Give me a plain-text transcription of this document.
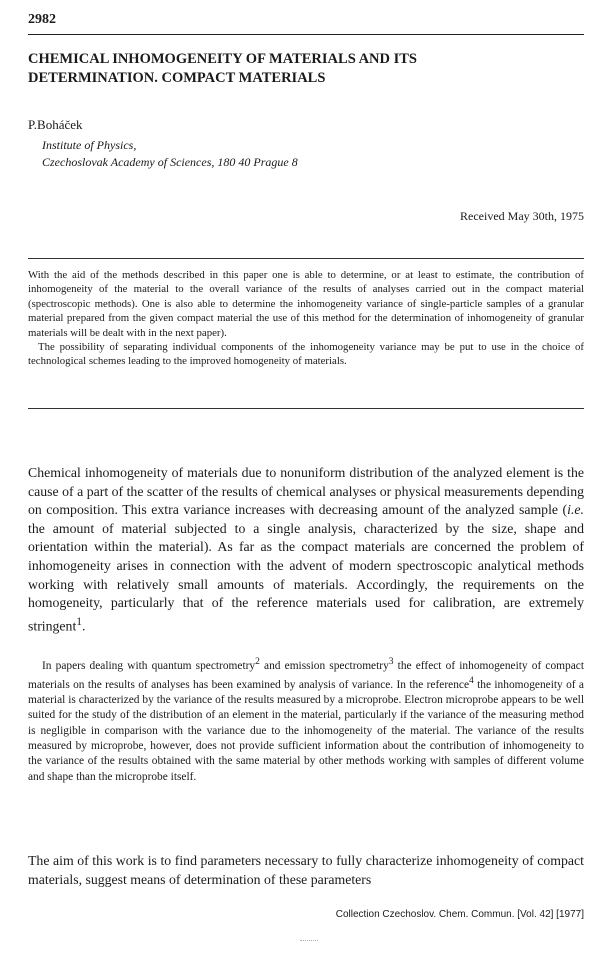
2982
CHEMICAL INHOMOGENEITY OF MATERIALS AND ITS DETERMINATION. COMPACT MATERIALS
P.Boháček
Institute of Physics,
Czechoslovak Academy of Sciences, 180 40 Prague 8
Received May 30th, 1975

With the aid of the methods described in this paper one is able to determine, or at least to estimate, the contribution of inhomogeneity of the material to the overall variance of the results of analyses carried out in the compact material (spectroscopic methods). One is also able to determine the inhomogeneity variance of single-particle samples of a granular material prepared from the given compact material the use of this method for the determination of inhomogeneity of granular materials will be dealt with in the next paper).

The possibility of separating individual components of the inhomogeneity variance may be put to use in the choice of technological schemes leading to the improved homogeneity of materials.

Chemical inhomogeneity of materials due to nonuniform distribution of the analyzed element is the cause of a part of the scatter of the results of chemical analyses or physical measurements depending on composition. This extra variance increases with decreasing amount of the analyzed sample (i.e. the amount of material subjected to a single analysis, characterized by the size, shape and orientation within the material). As far as the compact materials are concerned the problem of inhomogeneity arises in connection with the advent of modern spectroscopic analytical methods working with relatively small amounts of materials. Accordingly, the requirements on the homogeneity, particularly that of the reference materials used for calibration, are extremely stringent$^1$.

In papers dealing with quantum spectrometry$^2$ and emission spectrometry$^3$ the effect of inhomogeneity of compact materials on the results of analyses has been examined by analysis of variance. In the reference$^4$ the inhomogeneity of a material is characterized by the variance of the results measured by a microprobe. Electron microprobe appears to be well suited for the study of the distribution of an element in the material, particularly if the variance of the measuring method is negligible in comparison with the variance due to the inhomogeneity of the material. The variance of the results measured by microprobe, however, does not provide sufficient information about the contribution of inhomogeneity to the variance of the results obtained with the same material by other methods working with samples of different volume and shape than the microprobe itself.

The aim of this work is to find parameters necessary to fully characterize inhomogeneity of compact materials, suggest means of determination of these parameters

Collection Czechoslov. Chem. Commun. [Vol. 42] [1977]
